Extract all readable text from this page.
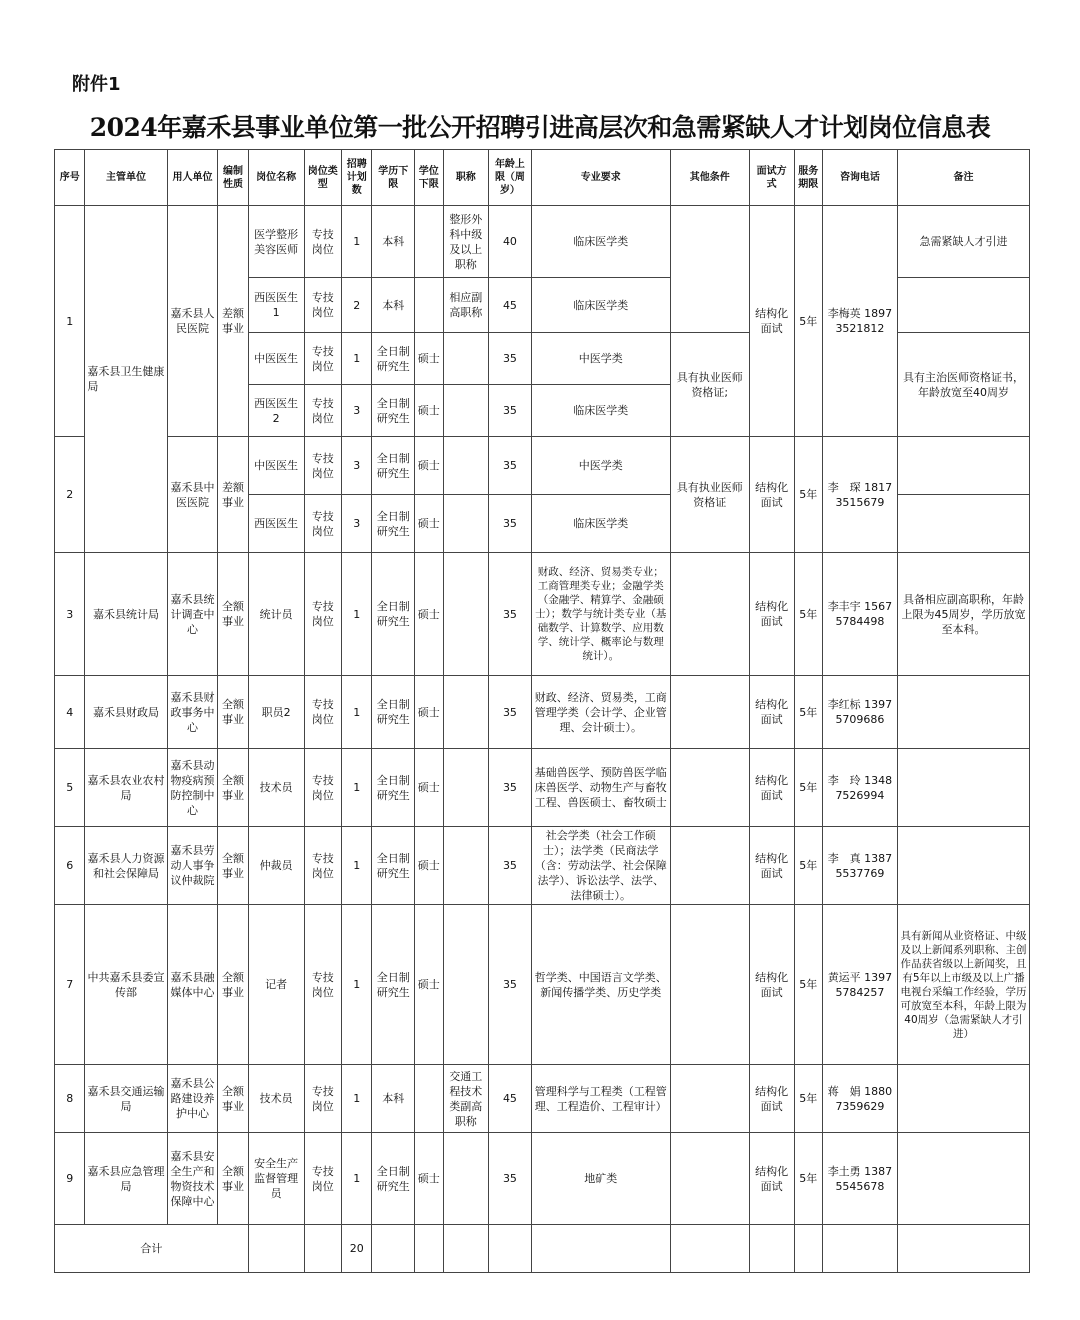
附件1
2024年嘉禾县事业单位第一批公开招聘引进高层次和急需紧缺人才计划岗位信息表
序号	主管单位	用人单位	编制性质	岗位名称	岗位类型	招聘计划数	学历下限	学位下限	职称	年龄上限（周岁）	专业要求	其他条件	面试方式	服务期限	咨询电话	备注
1	嘉禾县卫生健康局	嘉禾县人民医院	差额事业	医学整形美容医师	专技岗位	1	本科		整形外科中级及以上职称	40	临床医学类		结构化面试	5年	李梅英 18973521812	急需紧缺人才引进
				西医医生1	专技岗位	2	本科		相应副高职称	45	临床医学类					
				中医医生	专技岗位	1	全日制研究生	硕士		35	中医学类	具有执业医师资格证;				具有主治医师资格证书，年龄放宽至40周岁
				西医医生2	专技岗位	3	全日制研究生	硕士		35	临床医学类					
2		嘉禾县中医医院	差额事业	中医医生	专技岗位	3	全日制研究生	硕士		35	中医学类	具有执业医师资格证	结构化面试	5年	李　琛 18173515679	
				西医医生	专技岗位	3	全日制研究生	硕士		35	临床医学类					
3	嘉禾县统计局	嘉禾县统计调查中心	全额事业	统计员	专技岗位	1	全日制研究生	硕士		35	财政、经济、贸易类专业；工商管理类专业；金融学类（金融学、精算学、金融硕士）；数学与统计类专业（基础数学、计算数学、应用数学、统计学、概率论与数理统计）。		结构化面试	5年	李丰宇 15675784498	具备相应副高职称，年龄上限为45周岁，学历放宽至本科。
4	嘉禾县财政局	嘉禾县财政事务中心	全额事业	职员2	专技岗位	1	全日制研究生	硕士		35	财政、经济、贸易类，工商管理学类（会计学、企业管理、会计硕士）。		结构化面试	5年	李红标 13975709686	
5	嘉禾县农业农村局	嘉禾县动物疫病预防控制中心	全额事业	技术员	专技岗位	1	全日制研究生	硕士		35	基础兽医学、预防兽医学临床兽医学、动物生产与畜牧工程、兽医硕士、畜牧硕士		结构化面试	5年	李　玲 13487526994	
6	嘉禾县人力资源和社会保障局	嘉禾县劳动人事争议仲裁院	全额事业	仲裁员	专技岗位	1	全日制研究生	硕士		35	社会学类（社会工作硕士）；法学类（民商法学（含：劳动法学、社会保障法学）、诉讼法学、法学、法律硕士）。		结构化面试	5年	李　真 13875537769	
7	中共嘉禾县委宣传部	嘉禾县融媒体中心	全额事业	记者	专技岗位	1	全日制研究生	硕士		35	哲学类、中国语言文学类、新闻传播学类、历史学类		结构化面试	5年	黄运平 13975784257	具有新闻从业资格证、中级及以上新闻系列职称、主创作品获省级以上新闻奖，且有5年以上市级及以上广播电视台采编工作经验，学历可放宽至本科，年龄上限为40周岁（急需紧缺人才引进）
8	嘉禾县交通运输局	嘉禾县公路建设养护中心	全额事业	技术员	专技岗位	1	本科		交通工程技术类副高职称	45	管理科学与工程类（工程管理、工程造价、工程审计）		结构化面试	5年	蒋　娟 18807359629	
9	嘉禾县应急管理局	嘉禾县安全生产和物资技术保障中心	全额事业	安全生产监督管理员	专技岗位	1	全日制研究生	硕士		35	地矿类		结构化面试	5年	李土勇 13875545678	
合计						20										
